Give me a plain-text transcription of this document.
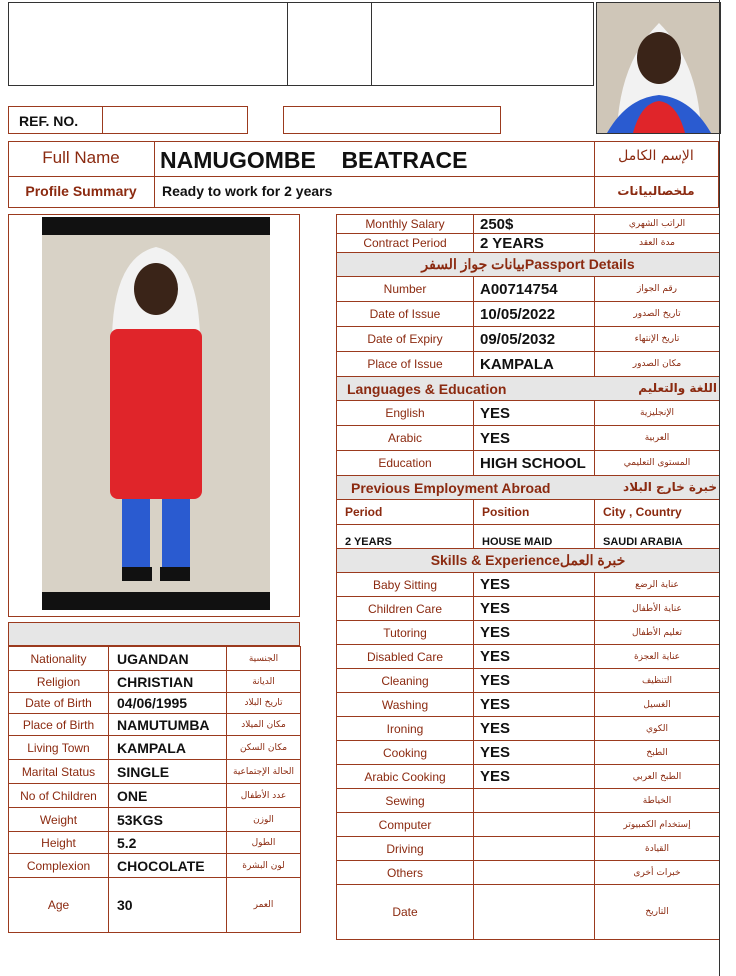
REF. NO.
Full Name	NAMUGOMBE    BEATRACE	الإسم الكامل
Profile Summary	Ready to work for 2 years	ملخصالبيانات
Nationality	UGANDAN	الجنسية
Religion	CHRISTIAN	الديانة
Date of Birth	04/06/1995	تاريخ البلاد
Place of Birth	NAMUTUMBA	مكان الميلاد
Living Town	KAMPALA	مكان السكن
Marital Status	SINGLE	الحالة الإجتماعية
No of Children	ONE	عدد الأطفال
Weight	53KGS	الوزن
Height	5.2	الطول
Complexion	CHOCOLATE	لون البشرة
Age	30	العمر
Monthly Salary	250$	الراتب الشهري
Contract Period	2 YEARS	مدة العقد
بيانات جواز السفرPassport Details		
Number	A00714754	رقم الجواز
Date of Issue	10/05/2022	تاريخ الصدور
Date of Expiry	09/05/2032	تاريخ الإنتهاء
Place of Issue	KAMPALA	مكان الصدور
Languages & Education اللغة والتعليم		

English	YES	الإنجليزية
Arabic	YES	العربية
Education	HIGH SCHOOL	المستوى التعليمي
Previous Employment Abroad خبرة خارج البلاد		

Period	Position	City , Country
2 YEARS	HOUSE MAID	SAUDI ARABIA
Skills & Experienceخبرة العمل		
Baby Sitting	YES	عناية الرضع
Children Care	YES	عناية الأطفال
Tutoring	YES	تعليم الأطفال
Disabled Care	YES	عناية العجزة
Cleaning	YES	التنظيف
Washing	YES	الغسيل
Ironing	YES	الكوي
Cooking	YES	الطبخ
Arabic Cooking	YES	الطبخ العربي
Sewing		الخياطة
Computer		إستخدام الكمبيوتر
Driving		القيادة
Others		خبرات أخرى
Date		التاريخ
